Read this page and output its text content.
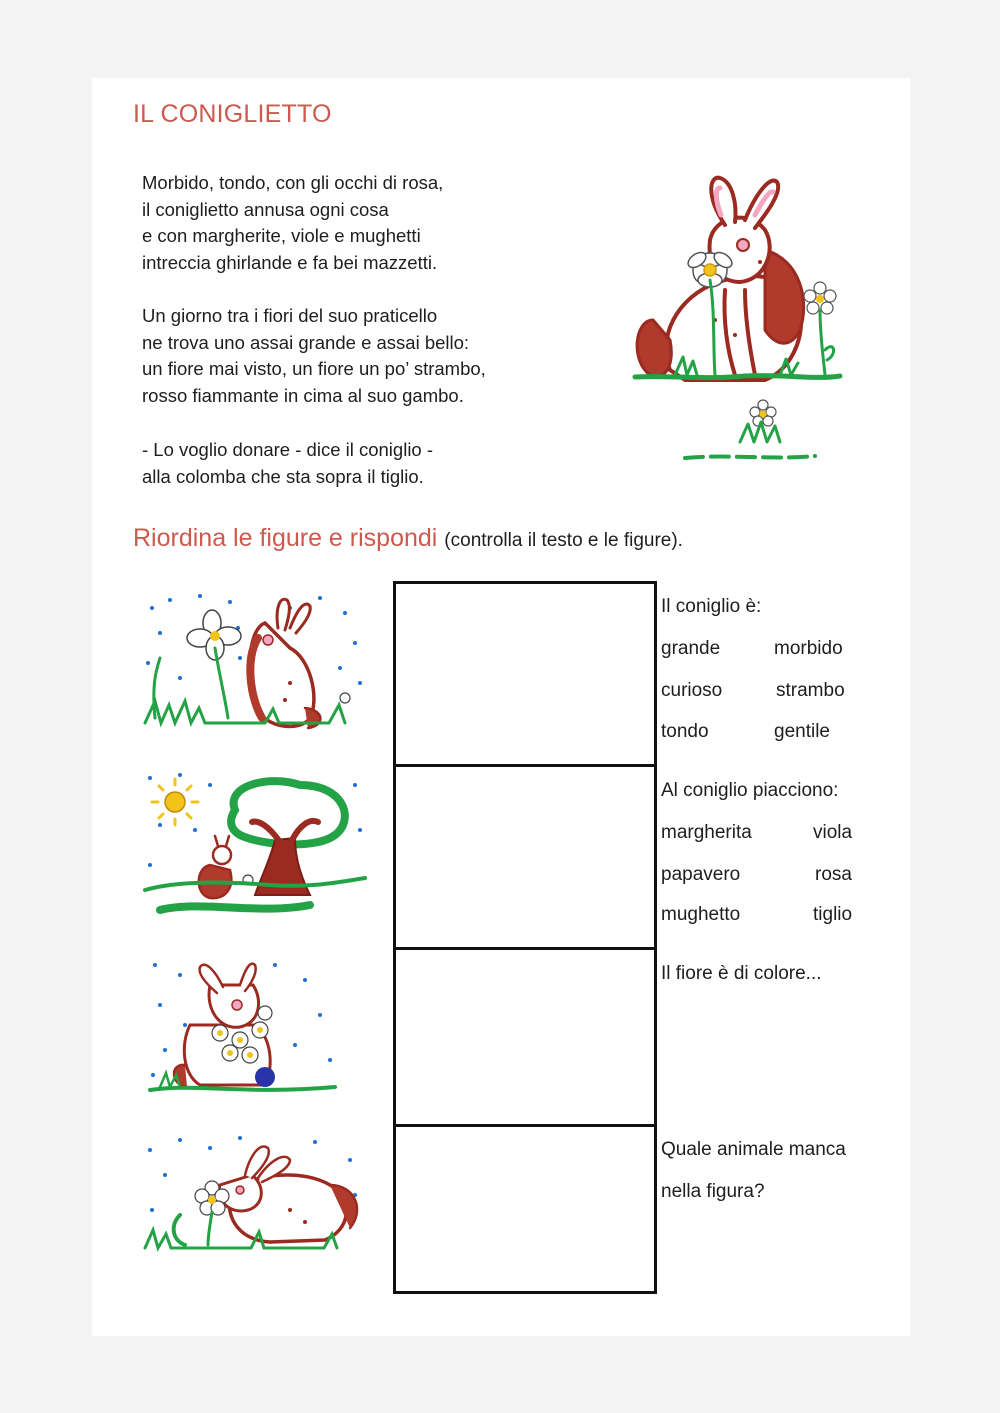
IL CONIGLIETTO
Morbido, tondo, con gli occhi di rosa,
il coniglietto annusa ogni cosa
e con margherite, viole e mughetti
intreccia ghirlande e fa bei mazzetti.
Un giorno tra i fiori del suo praticello
ne trova uno assai grande e assai bello:
un fiore mai visto, un fiore un po’ strambo,
rosso fiammante in cima al suo gambo.
- Lo voglio donare - dice il coniglio -
alla colomba che sta sopra il tiglio.
Riordina le figure e rispondi (controlla il testo e le figure).
Il coniglio è:
grande	morbido
curioso	strambo
tondo	gentile
Al coniglio piacciono:
margherita	viola
papavero	rosa
mughetto	tiglio
Il fiore è di colore...
Quale animale manca
nella figura?
